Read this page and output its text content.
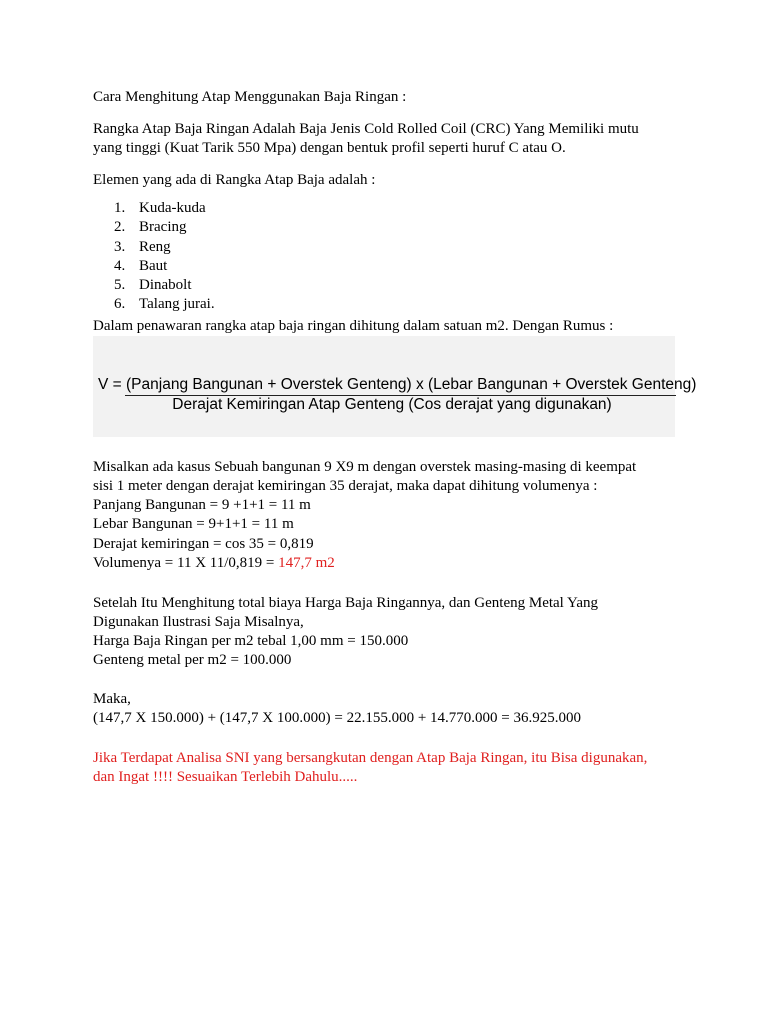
Cara Menghitung Atap Menggunakan Baja Ringan :

Rangka Atap Baja Ringan Adalah Baja Jenis Cold Rolled Coil (CRC) Yang Memiliki mutu

yang tinggi (Kuat Tarik 550 Mpa) dengan bentuk profil seperti huruf C atau O.

Elemen yang ada di Rangka Atap Baja adalah :

1. Kuda-kuda
2. Bracing
3. Reng
4. Baut
5. Dinabolt
6. Talang jurai.

Dalam penawaran rangka atap baja ringan dihitung dalam satuan m2. Dengan Rumus :

V = (Panjang Bangunan + Overstek Genteng) x (Lebar Bangunan + Overstek Genteng)
Derajat Kemiringan Atap Genteng (Cos derajat yang digunakan)

Misalkan ada kasus Sebuah bangunan 9 X9 m dengan overstek masing-masing di keempat

sisi 1 meter dengan derajat kemiringan 35 derajat, maka dapat dihitung volumenya :

Panjang Bangunan = 9 +1+1 = 11 m

Lebar Bangunan = 9+1+1 = 11 m

Derajat kemiringan = cos 35 = 0,819

Volumenya = 11 X 11/0,819 = 147,7 m2

Setelah Itu Menghitung total biaya Harga Baja Ringannya, dan Genteng Metal Yang

Digunakan Ilustrasi Saja Misalnya,

Harga Baja Ringan per m2 tebal 1,00 mm = 150.000

Genteng metal per m2 = 100.000

Maka,

(147,7 X 150.000) + (147,7 X 100.000) = 22.155.000 + 14.770.000 = 36.925.000

Jika Terdapat Analisa SNI yang bersangkutan dengan Atap Baja Ringan, itu Bisa digunakan,

dan Ingat !!!! Sesuaikan Terlebih Dahulu.....
